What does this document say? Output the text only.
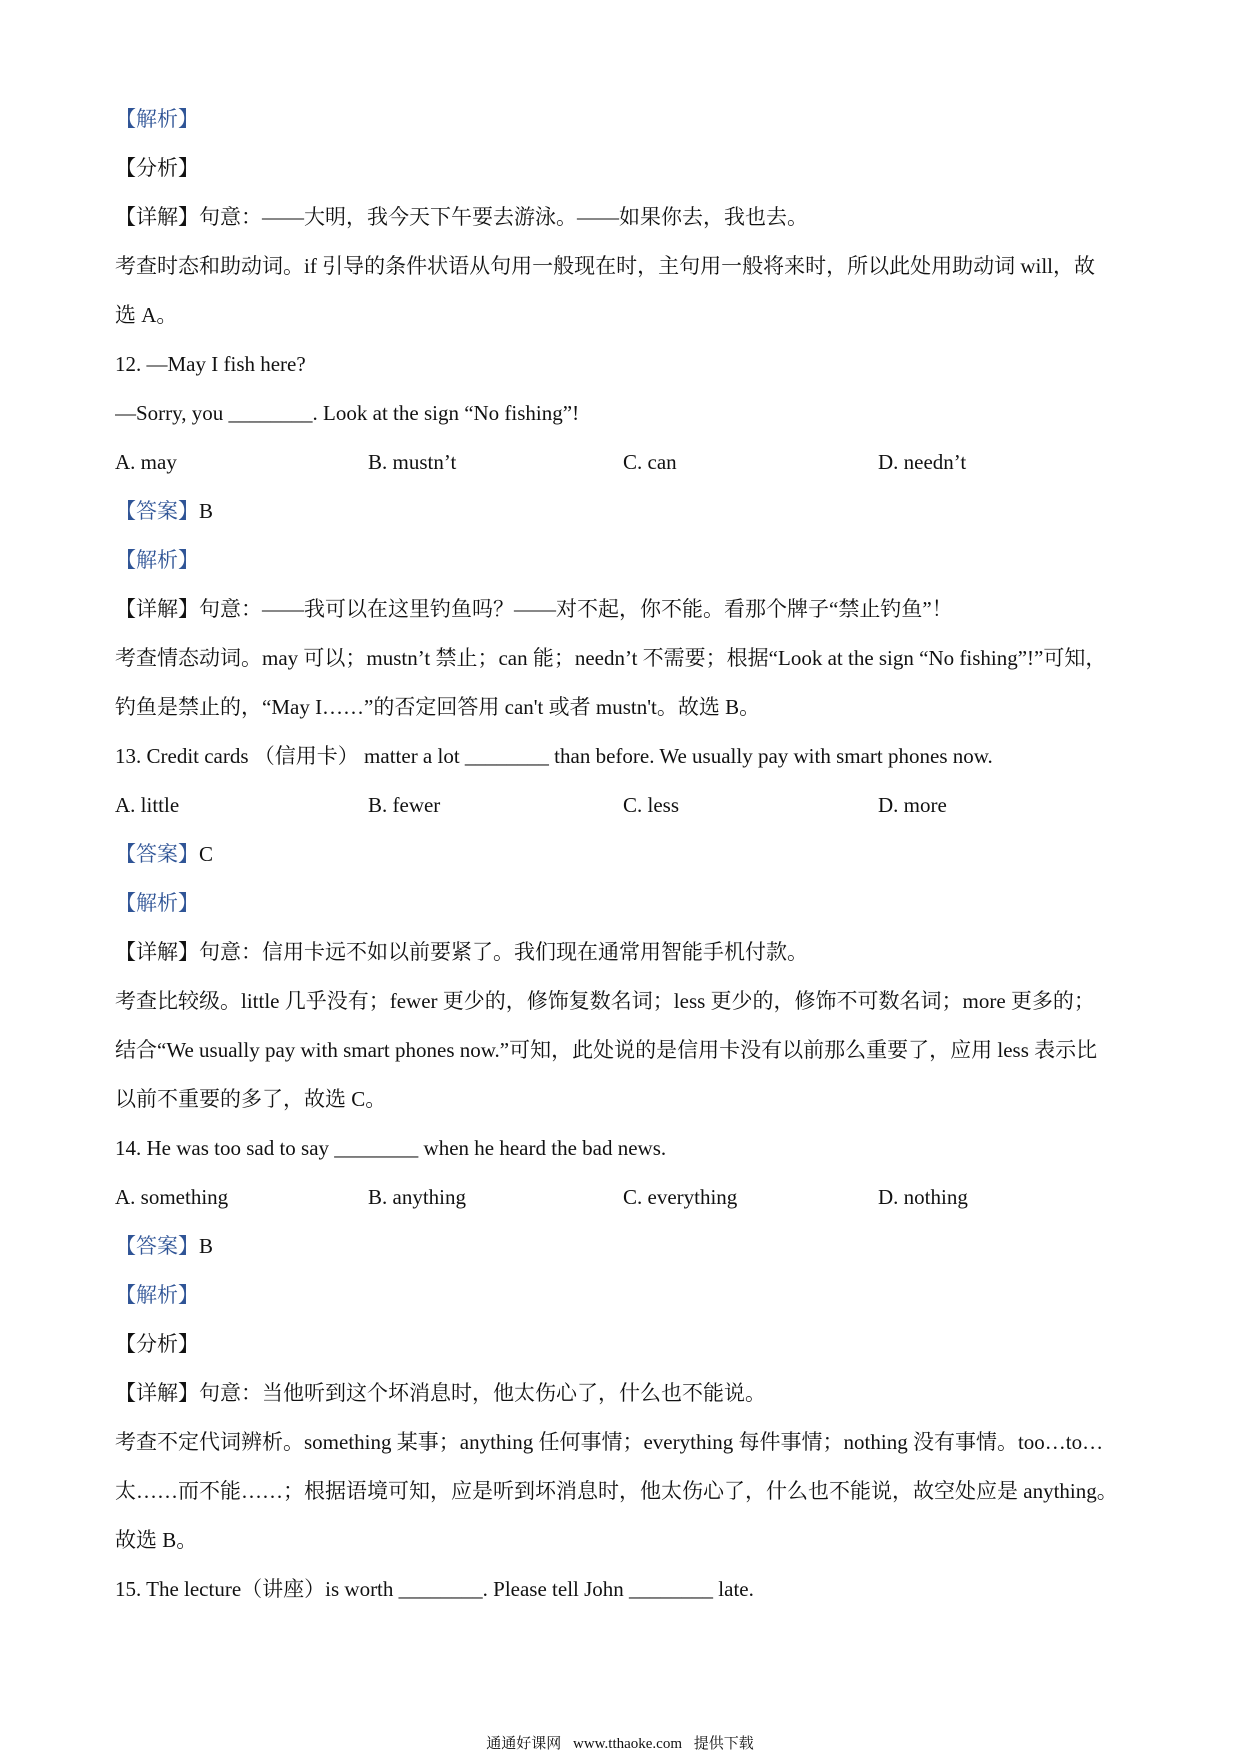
【解析】
【分析】
【详解】句意：——大明，我今天下午要去游泳。——如果你去，我也去。
考查时态和助动词。if 引导的条件状语从句用一般现在时，主句用一般将来时，所以此处用助动词 will，故
选 A。
12. —May I fish here?
—Sorry, you ________. Look at the sign “No fishing”!
A. may	B. mustn’t	C. can	D. needn’t
【答案】B
【解析】
【详解】句意：——我可以在这里钓鱼吗？——对不起，你不能。看那个牌子“禁止钓鱼”！
考查情态动词。may 可以；mustn’t 禁止；can 能；needn’t 不需要；根据“Look at the sign “No fishing”!”可知，
钓鱼是禁止的，“May I……”的否定回答用 can't 或者 mustn't。故选 B。
13. Credit cards （信用卡） matter a lot ________ than before. We usually pay with smart phones now.
A. little	B. fewer	C. less	D. more
【答案】C
【解析】
【详解】句意：信用卡远不如以前要紧了。我们现在通常用智能手机付款。
考查比较级。little 几乎没有；fewer 更少的，修饰复数名词；less 更少的，修饰不可数名词；more 更多的；
结合“We usually pay with smart phones now.”可知，此处说的是信用卡没有以前那么重要了，应用 less 表示比
以前不重要的多了，故选 C。
14. He was too sad to say ________ when he heard the bad news.
A. something	B. anything	C. everything	D. nothing
【答案】B
【解析】
【分析】
【详解】句意：当他听到这个坏消息时，他太伤心了，什么也不能说。
考查不定代词辨析。something 某事；anything 任何事情；everything 每件事情；nothing 没有事情。too…to…
太……而不能……；根据语境可知，应是听到坏消息时，他太伤心了，什么也不能说，故空处应是 anything。
故选 B。
15. The lecture（讲座）is worth ________. Please tell John ________ late.
通通好课网 www.tthaoke.com 提供下载
